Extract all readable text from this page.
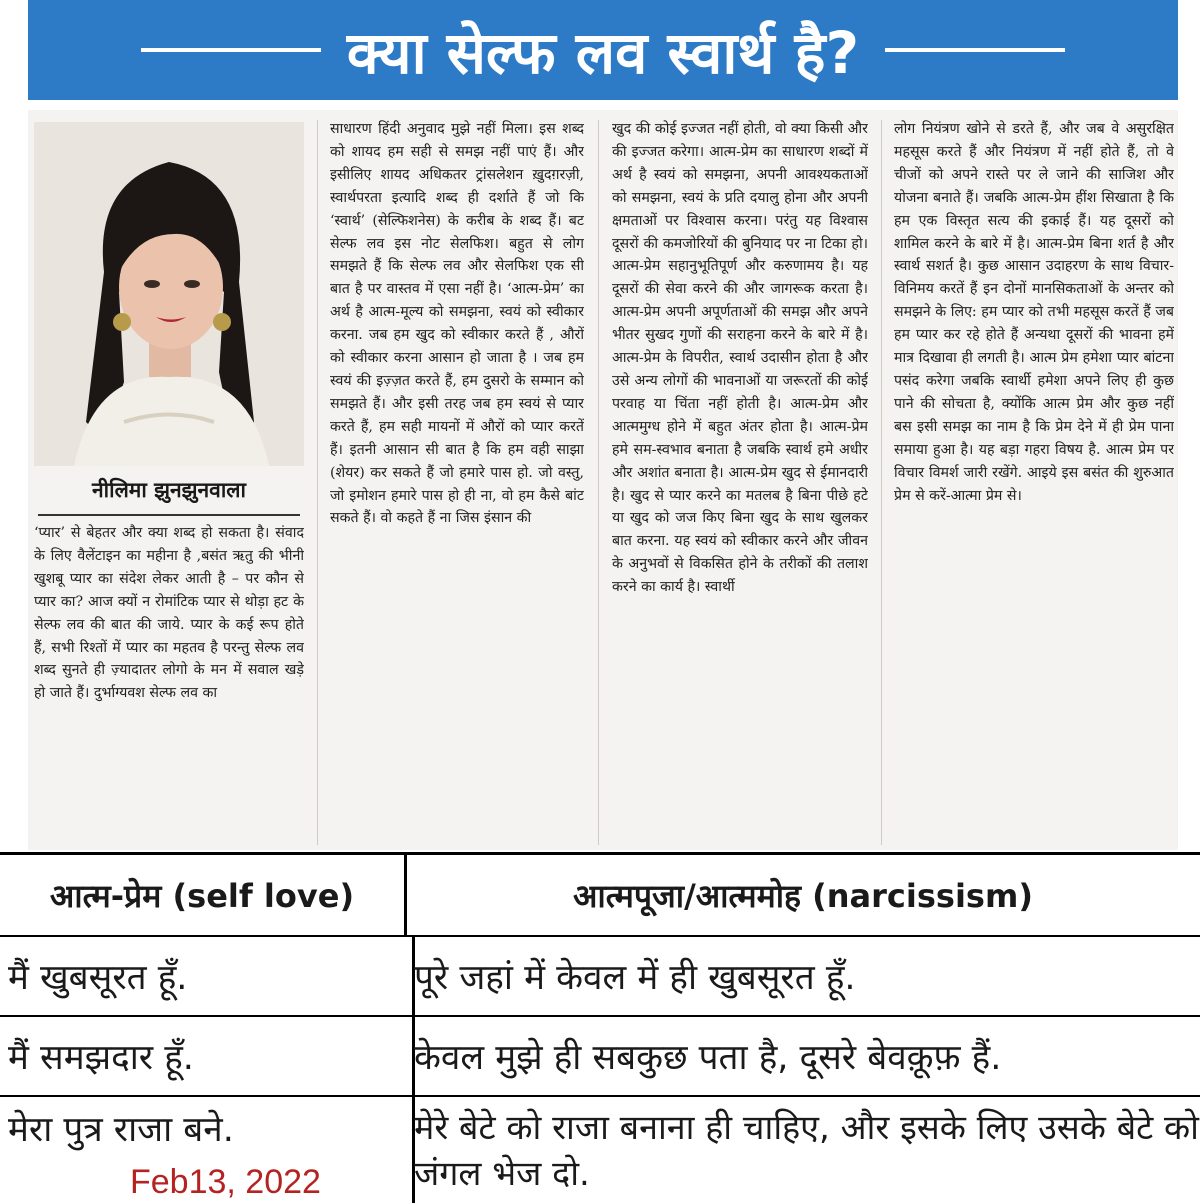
क्या सेल्फ लव स्वार्थ है?
नीलिमा झुनझुनवाला
‘प्यार’ से बेहतर और क्या शब्द हो सकता है। संवाद के लिए वैलेंटाइन का महीना है ,बसंत ऋतु की भीनी खुशबू प्यार का संदेश लेकर आती है – पर कौन से प्यार का? आज क्यों न रोमांटिक प्यार से थोड़ा हट के सेल्फ लव की बात की जाये. प्यार के कई रूप होते हैं, सभी रिश्तों में प्यार का महतव है परन्तु सेल्फ लव शब्द सुनते ही ज़्यादातर लोगो के मन में सवाल खड़े हो जाते हैं। दुर्भाग्यवश सेल्फ लव का
साधारण हिंदी अनुवाद मुझे नहीं मिला। इस शब्द को शायद हम सही से समझ नहीं पाएं हैं। और इसीलिए शायद अधिकतर ट्रांसलेशन ख़ुदग़रज़ी, स्वार्थपरता इत्यादि शब्द ही दर्शाते हैं जो कि ‘स्वार्थ’ (सेल्फिशनेस) के करीब के शब्द हैं। बट सेल्फ लव इस नोट सेलफिश। बहुत से लोग समझते हैं कि सेल्फ लव और सेलफिश एक सी बात है पर वास्तव में एसा नहीं है। ‘आत्म-प्रेम’ का अर्थ है आत्म-मूल्य को समझना, स्वयं को स्वीकार करना. जब हम खुद को स्वीकार करते हैं , औरों को स्वीकार करना आसान हो जाता है । जब हम स्वयं की इज़्ज़त करते हैं, हम दुसरो के सम्मान को समझते हैं। और इसी तरह जब हम स्वयं से प्यार करते हैं, हम सही मायनों में औरों को प्यार करतें हैं। इतनी आसान सी बात है कि हम वही साझा (शेयर) कर सकते हैं जो हमारे पास हो. जो वस्तु, जो इमोशन हमारे पास हो ही ना, वो हम कैसे बांट सकते हैं। वो कहते हैं ना जिस इंसान की
खुद की कोई इज्जत नहीं होती, वो क्या किसी और की इज्जत करेगा। आत्म-प्रेम का साधारण शब्दों में अर्थ है स्वयं को समझना, अपनी आवश्यकताओं को समझना, स्वयं के प्रति दयालु होना और अपनी क्षमताओं पर विश्वास करना। परंतु यह विश्वास दूसरों की कमजोरियों की बुनियाद पर ना टिका हो। आत्म-प्रेम सहानुभूतिपूर्ण और करुणामय है। यह दूसरों की सेवा करने की और जागरूक करता है। आत्म-प्रेम अपनी अपूर्णताओं की समझ और अपने भीतर सुखद गुणों की सराहना करने के बारे में है। आत्म-प्रेम के विपरीत, स्वार्थ उदासीन होता है और उसे अन्य लोगों की भावनाओं या जरूरतों की कोई परवाह या चिंता नहीं होती है। आत्म-प्रेम और आत्ममुग्ध होने में बहुत अंतर होता है। आत्म-प्रेम हमे सम-स्वभाव बनाता है जबकि स्वार्थ हमे अधीर और अशांत बनाता है। आत्म-प्रेम खुद से ईमानदारी है। खुद से प्यार करने का मतलब है बिना पीछे हटे या खुद को जज किए बिना खुद के साथ खुलकर बात करना. यह स्वयं को स्वीकार करने और जीवन के अनुभवों से विकसित होने के तरीकों की तलाश करने का कार्य है। स्वार्थी
लोग नियंत्रण खोने से डरते हैं, और जब वे असुरक्षित महसूस करते हैं और नियंत्रण में नहीं होते हैं, तो वे चीजों को अपने रास्ते पर ले जाने की साजिश और योजना बनाते हैं। जबकि आत्म-प्रेम हींश सिखाता है कि हम एक विस्तृत सत्य की इकाई हैं। यह दूसरों को शामिल करने के बारे में है। आत्म-प्रेम बिना शर्त है और स्वार्थ सशर्त है। कुछ आसान उदाहरण के साथ विचार-विनिमय करतें हैं इन दोनों मानसिकताओं के अन्तर को समझने के लिए: हम प्यार को तभी महसूस करतें हैं जब हम प्यार कर रहे होते हैं अन्यथा दूसरों की भावना हमें मात्र दिखावा ही लगती है। आत्म प्रेम हमेशा प्यार बांटना पसंद करेगा जबकि स्वार्थी हमेशा अपने लिए ही कुछ पाने की सोचता है, क्योंकि आत्म प्रेम और कुछ नहीं बस इसी समझ का नाम है कि प्रेम देने में ही प्रेम पाना समाया हुआ है। यह बड़ा गहरा विषय है. आत्म प्रेम पर विचार विमर्श जारी रखेंगे. आइये इस बसंत की शुरुआत प्रेम से करें-आत्मा प्रेम से।
आत्म-प्रेम (self love)	आत्मपूजा/आत्ममोह (narcissism)
मैं खुबसूरत हूँ.	पूरे जहां में केवल में ही खुबसूरत हूँ.
मैं समझदार हूँ.	केवल मुझे ही सबकुछ पता है, दूसरे बेवक़ूफ़ हैं.
मेरा पुत्र राजा बने.	मेरे बेटे को राजा बनाना ही चाहिए, और इसके लिए उसके बेटे को जंगल भेज दो.
Feb13, 2022
